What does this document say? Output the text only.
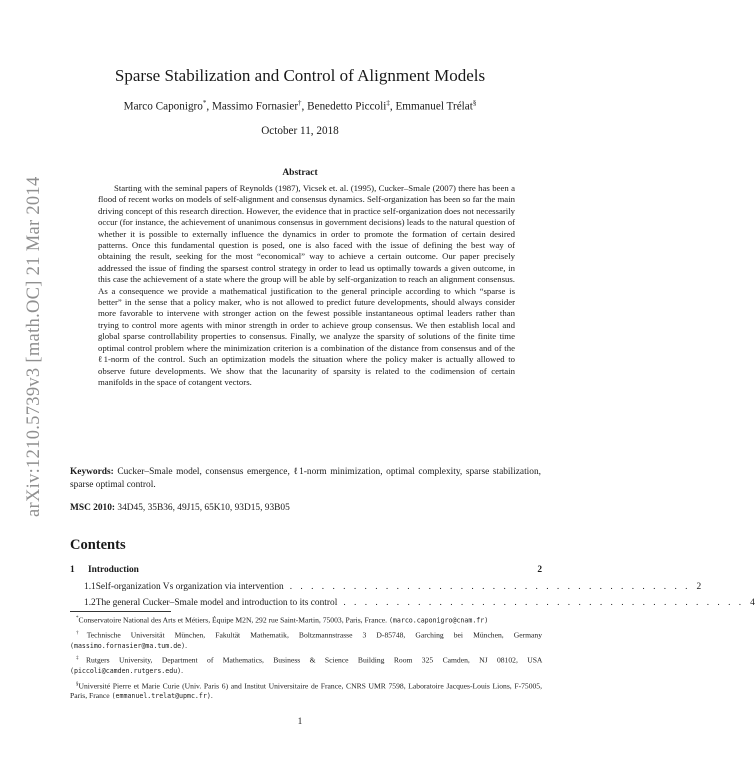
arXiv:1210.5739v3 [math.OC] 21 Mar 2014
Sparse Stabilization and Control of Alignment Models
Marco Caponigro*, Massimo Fornasier†, Benedetto Piccoli‡, Emmanuel Trélat§
October 11, 2018
Abstract
Starting with the seminal papers of Reynolds (1987), Vicsek et. al. (1995), Cucker–Smale (2007) there has been a flood of recent works on models of self-alignment and consensus dynamics. Self-organization has been so far the main driving concept of this research direction. However, the evidence that in practice self-organization does not necessarily occur (for instance, the achievement of unanimous consensus in government decisions) leads to the natural question of whether it is possible to externally influence the dynamics in order to promote the formation of certain desired patterns. Once this fundamental question is posed, one is also faced with the issue of defining the best way of obtaining the result, seeking for the most “economical” way to achieve a certain outcome. Our paper precisely addressed the issue of finding the sparsest control strategy in order to lead us optimally towards a given outcome, in this case the achievement of a state where the group will be able by self-organization to reach an alignment consensus. As a consequence we provide a mathematical justification to the general principle according to which “sparse is better” in the sense that a policy maker, who is not allowed to predict future developments, should always consider more favorable to intervene with stronger action on the fewest possible instantaneous optimal leaders rather than trying to control more agents with minor strength in order to achieve group consensus. We then establish local and global sparse controllability properties to consensus. Finally, we analyze the sparsity of solutions of the finite time optimal control problem where the minimization criterion is a combination of the distance from consensus and of the ℓ1-norm of the control. Such an optimization models the situation where the policy maker is actually allowed to observe future developments. We show that the lacunarity of sparsity is related to the codimension of certain manifolds in the space of cotangent vectors.
Keywords: Cucker–Smale model, consensus emergence, ℓ1-norm minimization, optimal complexity, sparse stabilization, sparse optimal control.
MSC 2010: 34D45, 35B36, 49J15, 65K10, 93D15, 93B05
Contents
1	Introduction	2
1.1 Self-organization Vs organization via intervention . . . . . . . . . . . . . . . . . . . . . . . . . . . . . . . . . . . . . . 2
1.2 The general Cucker–Smale model and introduction to its control . . . . . . . . . . . . . . . . . . . . . . . . . . . . . . . . . . . . . . 4

*Conservatoire National des Arts et Métiers, Équipe M2N, 292 rue Saint-Martin, 75003, Paris, France. (marco.caponigro@cnam.fr)

†Technische Universität München, Fakultät Mathematik, Boltzmannstrasse 3 D-85748, Garching bei München, Germany (massimo.fornasier@ma.tum.de).

‡Rutgers University, Department of Mathematics, Business & Science Building Room 325 Camden, NJ 08102, USA (piccoli@camden.rutgers.edu).

§Université Pierre et Marie Curie (Univ. Paris 6) and Institut Universitaire de France, CNRS UMR 7598, Laboratoire Jacques-Louis Lions, F-75005, Paris, France (emmanuel.trelat@upmc.fr).

1
